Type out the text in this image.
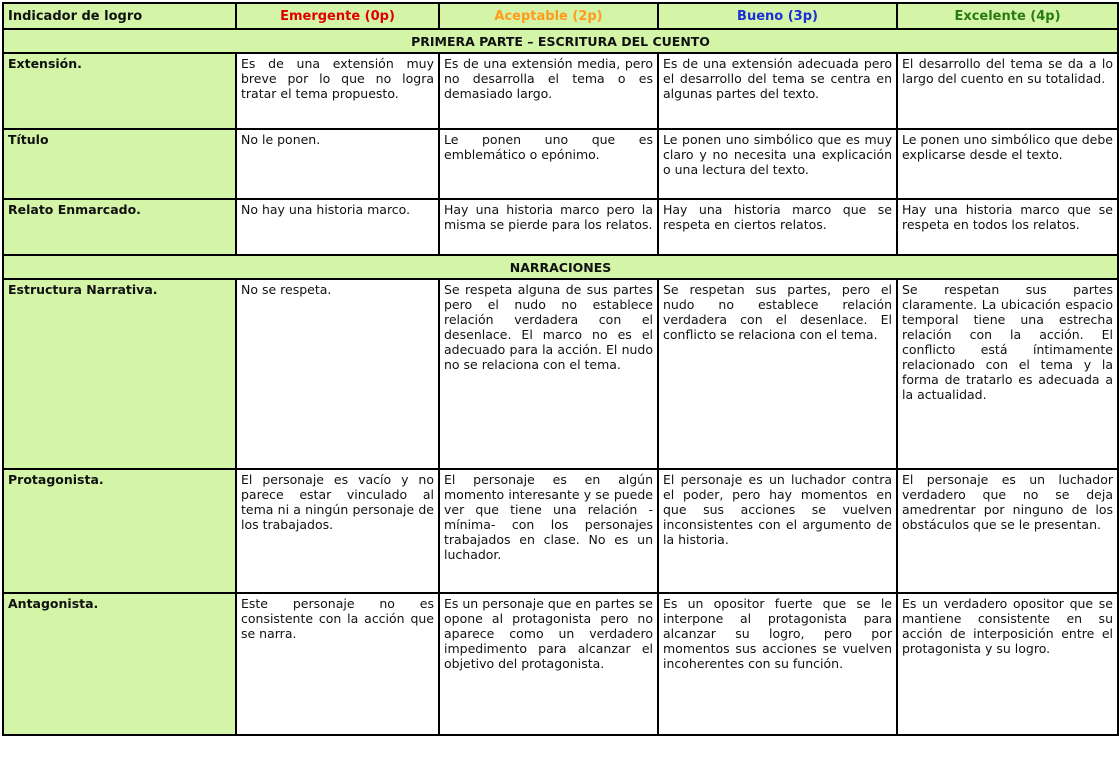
Indicador de logro	Emergente (0p)	Aceptable (2p)	Bueno (3p)	Excelente (4p)
PRIMERA PARTE – ESCRITURA DEL CUENTO				
Extensión.	Es de una extensión muy breve por lo que no logra tratar el tema propuesto.	Es de una extensión media, pero no desarrolla el tema o es demasiado largo.	Es de una extensión adecuada pero el desarrollo del tema se centra en algunas partes del texto.	El desarrollo del tema se da a lo largo del cuento en su totalidad.
Título	No le ponen.	Le ponen uno que es emblemático o epónimo.	Le ponen uno simbólico que es muy claro y no necesita una explicación o una lectura del texto.	Le ponen uno simbólico que debe explicarse desde el texto.
Relato Enmarcado.	No hay una historia marco.	Hay una historia marco pero la misma se pierde para los relatos.	Hay una historia marco que se respeta en ciertos relatos.	Hay una historia marco que se respeta en todos los relatos.
NARRACIONES				
Estructura Narrativa.	No se respeta.	Se respeta alguna de sus partes pero el nudo no establece relación verdadera con el desenlace. El marco no es el adecuado para la acción. El nudo no se relaciona con el tema.	Se respetan sus partes, pero el nudo no establece relación verdadera con el desenlace. El conflicto se relaciona con el tema.	Se respetan sus partes claramente. La ubicación espacio temporal tiene una estrecha relación con la acción. El conflicto está íntimamente relacionado con el tema y la forma de tratarlo es adecuada a la actualidad.
Protagonista.	El personaje es vacío y no parece estar vinculado al tema ni a ningún personaje de los trabajados.	El personaje es en algún momento interesante y se puede ver que tiene una relación -mínima- con los personajes trabajados en clase. No es un luchador.	El personaje es un luchador contra el poder, pero hay momentos en que sus acciones se vuelven inconsistentes con el argumento de la historia.	El personaje es un luchador verdadero que no se deja amedrentar por ninguno de los obstáculos que se le presentan.
Antagonista.	Este personaje no es consistente con la acción que se narra.	Es un personaje que en partes se opone al protagonista pero no aparece como un verdadero impedimento para alcanzar el objetivo del protagonista.	Es un opositor fuerte que se le interpone al protagonista para alcanzar su logro, pero por momentos sus acciones se vuelven incoherentes con su función.	Es un verdadero opositor que se mantiene consistente en su acción de interposición entre el protagonista y su logro.
